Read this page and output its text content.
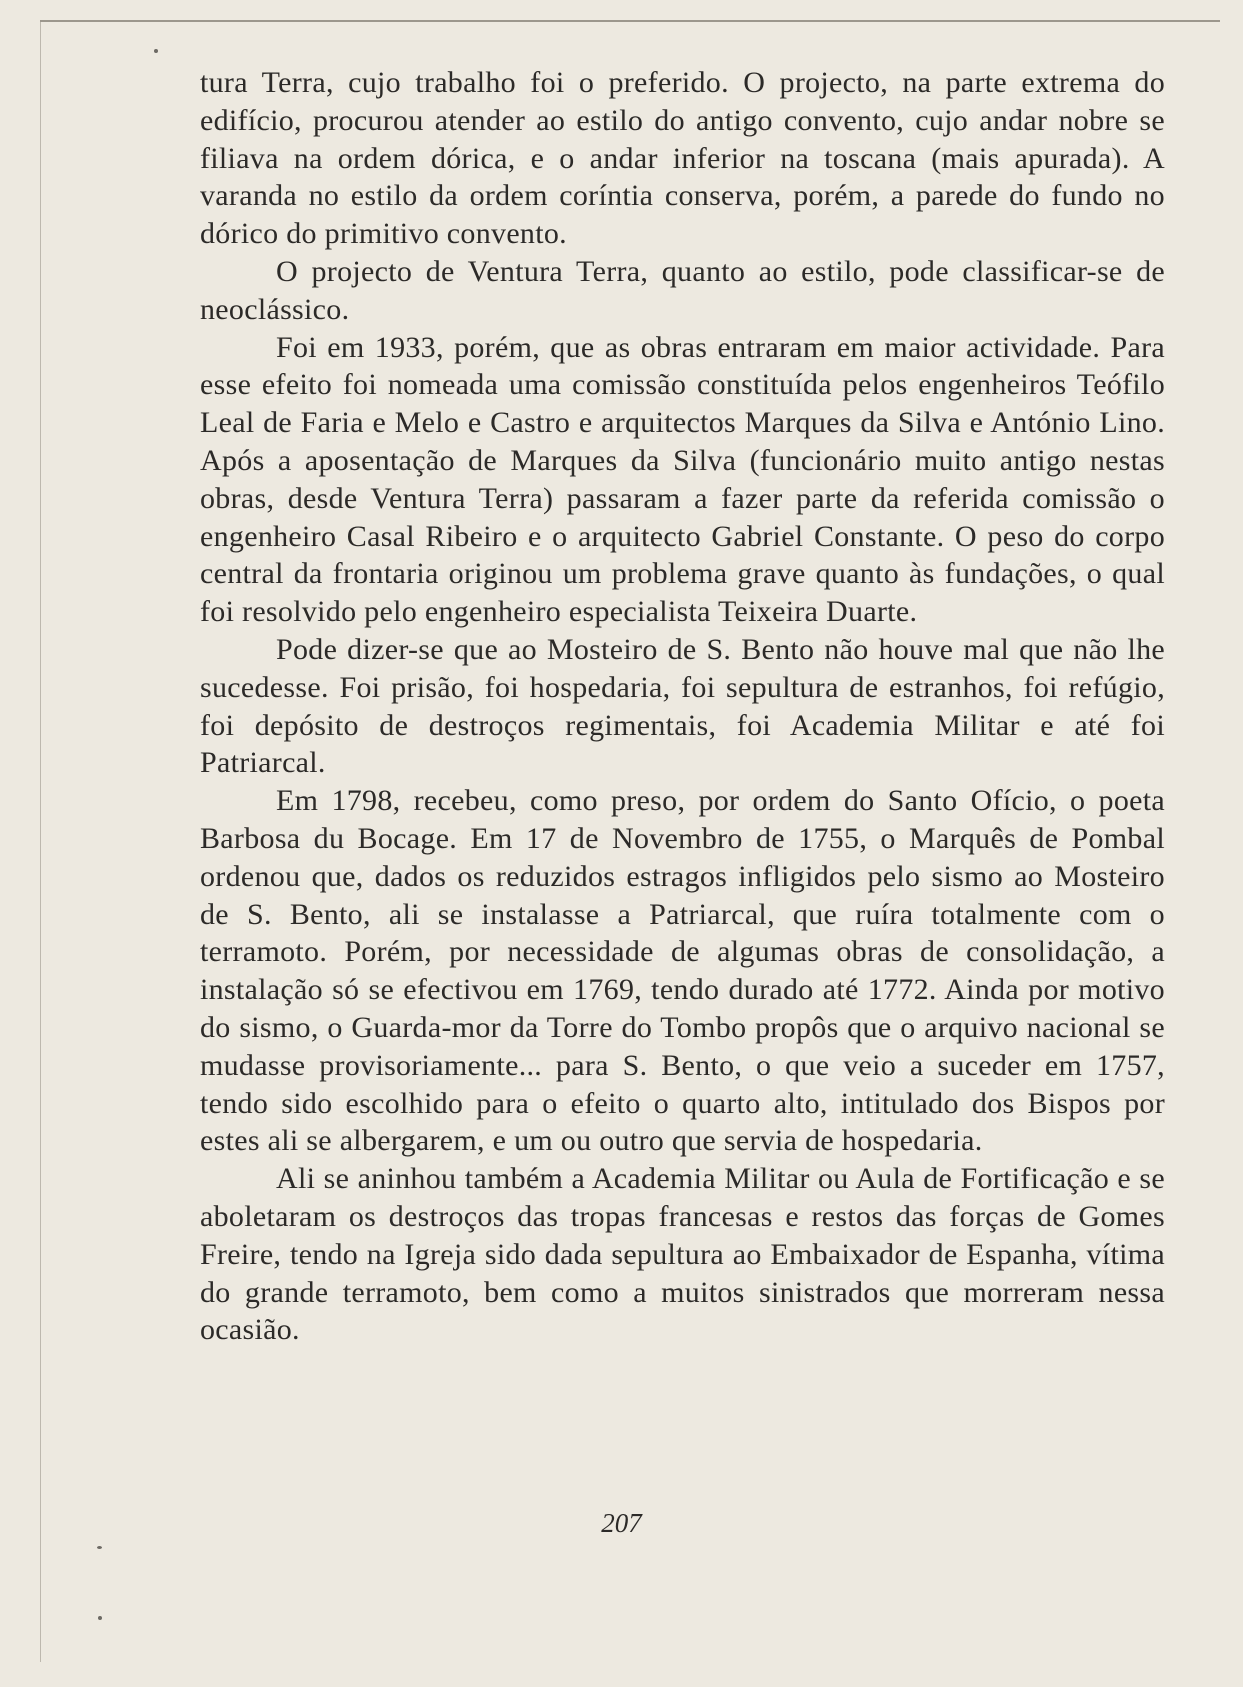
tura Terra, cujo trabalho foi o preferido. O projecto, na parte extrema do edifício, procurou atender ao estilo do antigo convento, cujo andar nobre se filiava na ordem dórica, e o andar inferior na toscana (mais apurada). A varanda no estilo da ordem coríntia conserva, porém, a parede do fundo no dórico do primitivo convento.

O projecto de Ventura Terra, quanto ao estilo, pode classificar-se de neoclássico.

Foi em 1933, porém, que as obras entraram em maior actividade. Para esse efeito foi nomeada uma comissão constituída pelos engenheiros Teófilo Leal de Faria e Melo e Castro e arquitectos Marques da Silva e António Lino. Após a aposentação de Marques da Silva (funcionário muito antigo nestas obras, desde Ventura Terra) passaram a fazer parte da referida comissão o engenheiro Casal Ribeiro e o arquitecto Gabriel Constante. O peso do corpo central da frontaria originou um problema grave quanto às fundações, o qual foi resolvido pelo engenheiro especialista Teixeira Duarte.

Pode dizer-se que ao Mosteiro de S. Bento não houve mal que não lhe sucedesse. Foi prisão, foi hospedaria, foi sepultura de estranhos, foi refúgio, foi depósito de destroços regimentais, foi Academia Militar e até foi Patriarcal.

Em 1798, recebeu, como preso, por ordem do Santo Ofício, o poeta Barbosa du Bocage. Em 17 de Novembro de 1755, o Marquês de Pombal ordenou que, dados os reduzidos estragos infligidos pelo sismo ao Mosteiro de S. Bento, ali se instalasse a Patriarcal, que ruíra totalmente com o terramoto. Porém, por necessidade de algumas obras de consolidação, a instalação só se efectivou em 1769, tendo durado até 1772. Ainda por motivo do sismo, o Guarda-mor da Torre do Tombo propôs que o arquivo nacional se mudasse provisoriamente... para S. Bento, o que veio a suceder em 1757, tendo sido escolhido para o efeito o quarto alto, intitulado dos Bispos por estes ali se albergarem, e um ou outro que servia de hospedaria.

Ali se aninhou também a Academia Militar ou Aula de Fortificação e se aboletaram os destroços das tropas francesas e restos das forças de Gomes Freire, tendo na Igreja sido dada sepultura ao Embaixador de Espanha, vítima do grande terramoto, bem como a muitos sinistrados que morreram nessa ocasião.

207
